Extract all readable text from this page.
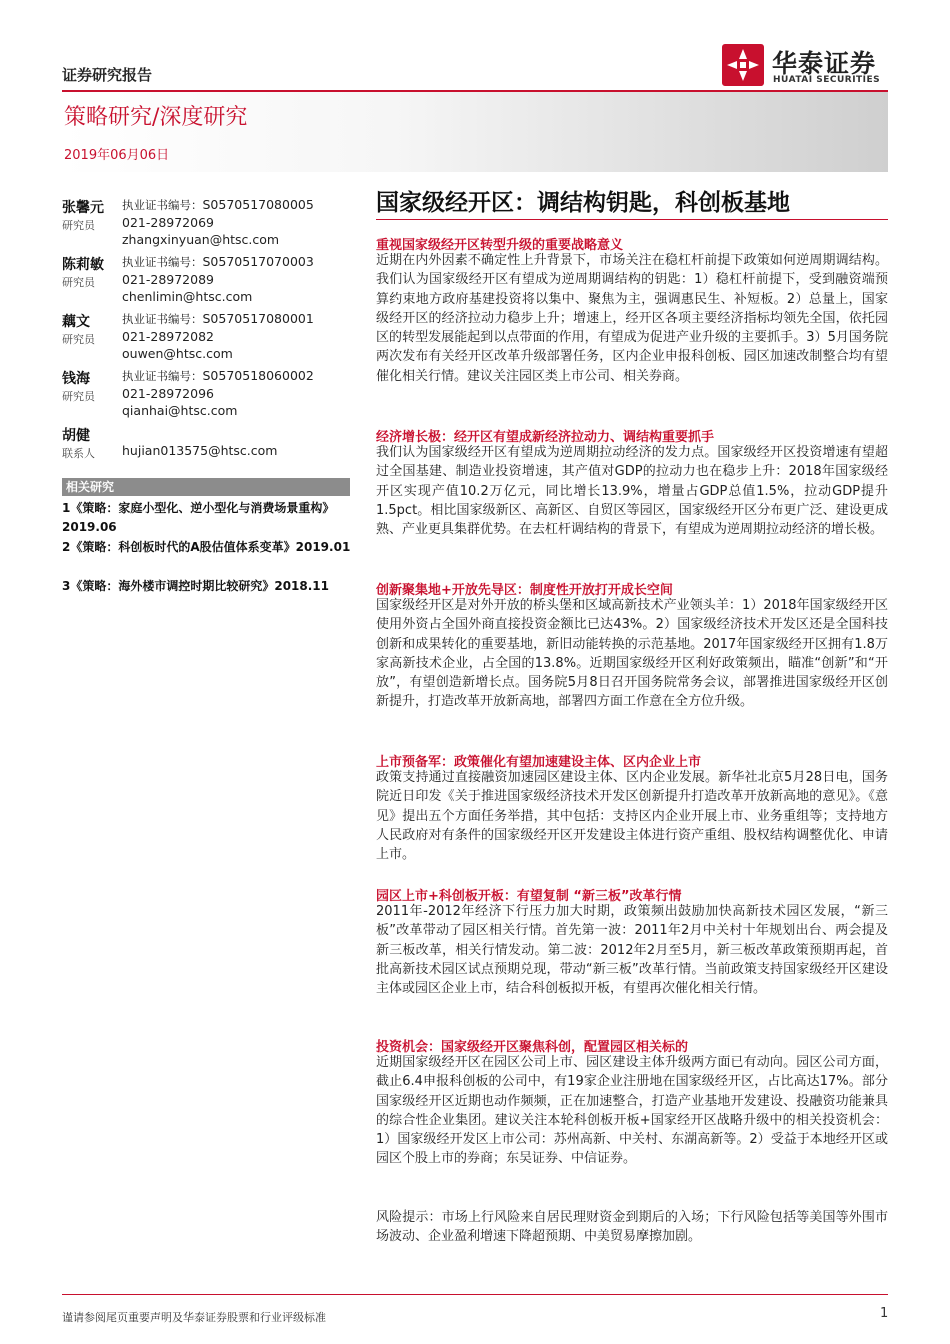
证券研究报告	华泰证券
HUATAI SECURITIES
策略研究/深度研究
2019年06月06日
国家级经开区：调结构钥匙，科创板基地
张馨元
研究员
执业证书编号：S0570517080005
021-28972069
zhangxinyuan@htsc.com
陈莉敏
研究员
执业证书编号：S0570517070003
021-28972089
chenlimin@htsc.com
藕文
研究员
执业证书编号：S0570517080001
021-28972082
ouwen@htsc.com
钱海
研究员
执业证书编号：S0570518060002
021-28972096
qianhai@htsc.com
胡健
联系人 hujian013575@htsc.com
相关研究
1《策略：家庭小型化、逆小型化与消费场景重构》2019.06
2《策略：科创板时代的A股估值体系变革》2019.01
3《策略：海外楼市调控时期比较研究》2018.11
重视国家级经开区转型升级的重要战略意义
近期在内外因素不确定性上升背景下，市场关注在稳杠杆前提下政策如何逆周期调结构。我们认为国家级经开区有望成为逆周期调结构的钥匙：1）稳杠杆前提下，受到融资端预算约束地方政府基建投资将以集中、聚焦为主，强调惠民生、补短板。2）总量上，国家级经开区的经济拉动力稳步上升；增速上，经开区各项主要经济指标均领先全国，依托园区的转型发展能起到以点带面的作用，有望成为促进产业升级的主要抓手。3）5月国务院两次发布有关经开区改革升级部署任务，区内企业申报科创板、园区加速改制整合均有望催化相关行情。建议关注园区类上市公司、相关券商。
经济增长极：经开区有望成新经济拉动力、调结构重要抓手
我们认为国家级经开区有望成为逆周期拉动经济的发力点。国家级经开区投资增速有望超过全国基建、制造业投资增速，其产值对GDP的拉动力也在稳步上升：2018年国家级经开区实现产值10.2万亿元，同比增长13.9%，增量占GDP总值1.5%，拉动GDP提升1.5pct。相比国家级新区、高新区、自贸区等园区，国家级经开区分布更广泛、建设更成熟、产业更具集群优势。在去杠杆调结构的背景下，有望成为逆周期拉动经济的增长极。
创新聚集地+开放先导区：制度性开放打开成长空间
国家级经开区是对外开放的桥头堡和区域高新技术产业领头羊：1）2018年国家级经开区使用外资占全国外商直接投资金额比已达43%。2）国家级经济技术开发区还是全国科技创新和成果转化的重要基地，新旧动能转换的示范基地。2017年国家级经开区拥有1.8万家高新技术企业，占全国的13.8%。近期国家级经开区利好政策频出，瞄准“创新”和“开放”，有望创造新增长点。国务院5月8日召开国务院常务会议，部署推进国家级经开区创新提升，打造改革开放新高地，部署四方面工作意在全方位升级。
上市预备军：政策催化有望加速建设主体、区内企业上市
政策支持通过直接融资加速园区建设主体、区内企业发展。新华社北京5月28日电，国务院近日印发《关于推进国家级经济技术开发区创新提升打造改革开放新高地的意见》。《意见》提出五个方面任务举措，其中包括：支持区内企业开展上市、业务重组等；支持地方人民政府对有条件的国家级经开区开发建设主体进行资产重组、股权结构调整优化、申请上市。
园区上市+科创板开板：有望复制 “新三板”改革行情
2011年-2012年经济下行压力加大时期，政策频出鼓励加快高新技术园区发展，“新三板”改革带动了园区相关行情。首先第一波：2011年2月中关村十年规划出台、两会提及新三板改革，相关行情发动。第二波：2012年2月至5月，新三板改革政策预期再起，首批高新技术园区试点预期兑现，带动“新三板”改革行情。当前政策支持国家级经开区建设主体或园区企业上市，结合科创板拟开板，有望再次催化相关行情。
投资机会：国家级经开区聚焦科创，配置园区相关标的
近期国家级经开区在园区公司上市、园区建设主体升级两方面已有动向。园区公司方面，截止6.4申报科创板的公司中，有19家企业注册地在国家级经开区，占比高达17%。部分国家级经开区近期也动作频频，正在加速整合，打造产业基地开发建设、投融资功能兼具的综合性企业集团。建议关注本轮科创板开板+国家经开区战略升级中的相关投资机会：1）国家级经开发区上市公司：苏州高新、中关村、东湖高新等。2）受益于本地经开区或园区个股上市的券商；东吴证券、中信证券。
风险提示：市场上行风险来自居民理财资金到期后的入场；下行风险包括等美国等外围市场波动、企业盈利增速下降超预期、中美贸易摩擦加剧。
谨请参阅尾页重要声明及华泰证券股票和行业评级标准	1
